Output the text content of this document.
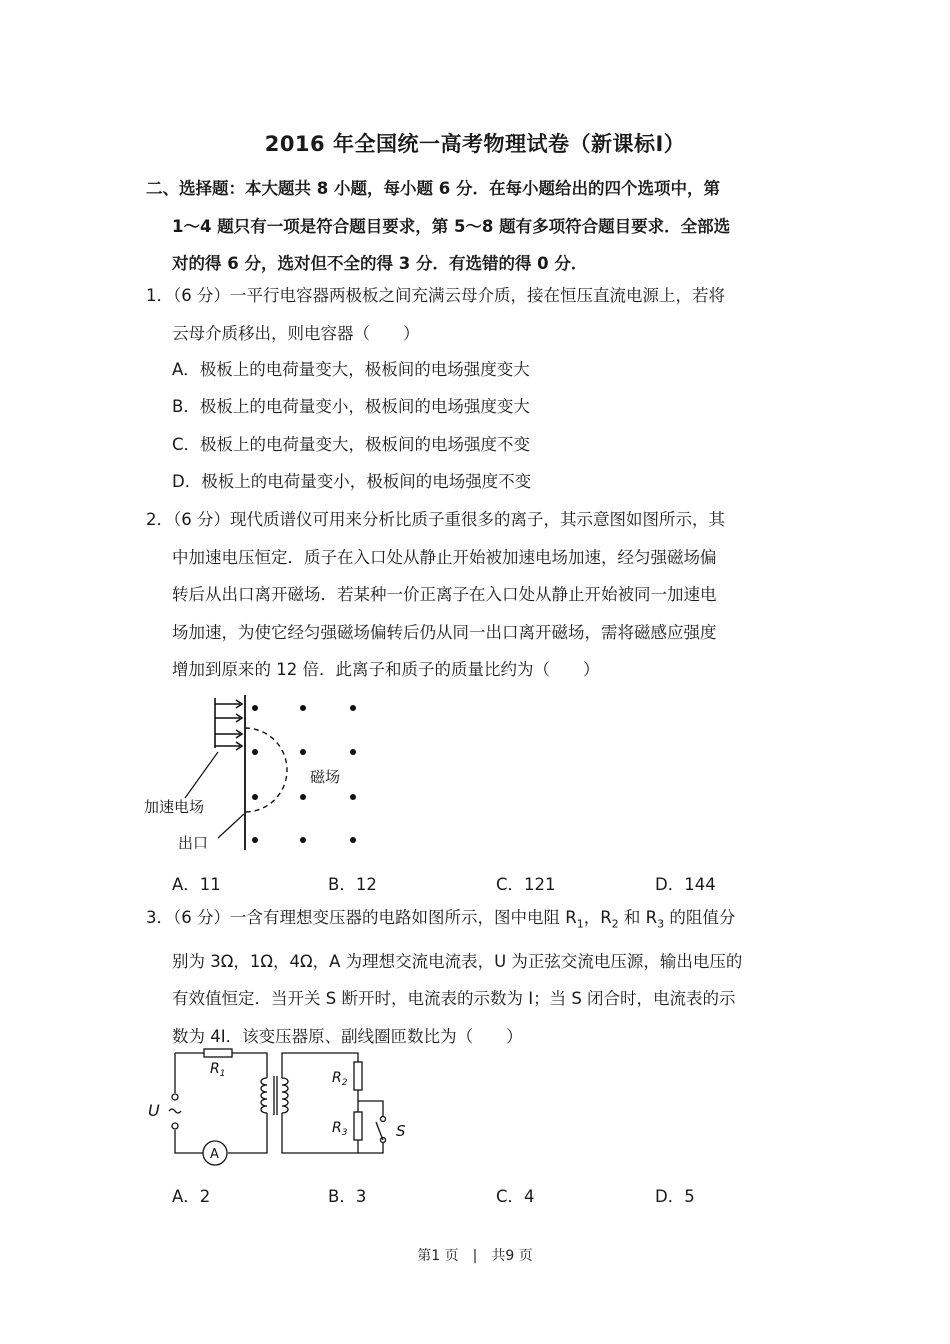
2016 年全国统一高考物理试卷（新课标Ⅰ）
二、选择题：本大题共 8 小题，每小题 6 分．在每小题给出的四个选项中，第
1～4 题只有一项是符合题目要求，第 5～8 题有多项符合题目要求．全部选
对的得 6 分，选对但不全的得 3 分．有选错的得 0 分．
1．（6 分）一平行电容器两极板之间充满云母介质，接在恒压直流电源上，若将
云母介质移出，则电容器（　　）
A．极板上的电荷量变大，极板间的电场强度变大
B．极板上的电荷量变小，极板间的电场强度变大
C．极板上的电荷量变大，极板间的电场强度不变
D．极板上的电荷量变小，极板间的电场强度不变
2．（6 分）现代质谱仪可用来分析比质子重很多的离子，其示意图如图所示，其
中加速电压恒定．质子在入口处从静止开始被加速电场加速，经匀强磁场偏
转后从出口离开磁场．若某种一价正离子在入口处从静止开始被同一加速电
场加速，为使它经匀强磁场偏转后仍从同一出口离开磁场，需将磁感应强度
增加到原来的 12 倍．此离子和质子的质量比约为（　　）
加速电场
出口
磁场
A．11	B．12	C．121	D．144
3．（6 分）一含有理想变压器的电路如图所示，图中电阻 $R_1$，$R_2$ 和 $R_3$ 的阻值分
别为 3Ω，1Ω，4Ω，A 为理想交流电流表，U 为正弦交流电压源，输出电压的
有效值恒定．当开关 S 断开时，电流表的示数为 I；当 S 闭合时，电流表的示
数为 4I．该变压器原、副线圈匝数比为（　　）
$R_1$	$R_2$
$R_3$
U
A
S
A．2	B．3	C．4	D．5
第1 页　|　共9 页
